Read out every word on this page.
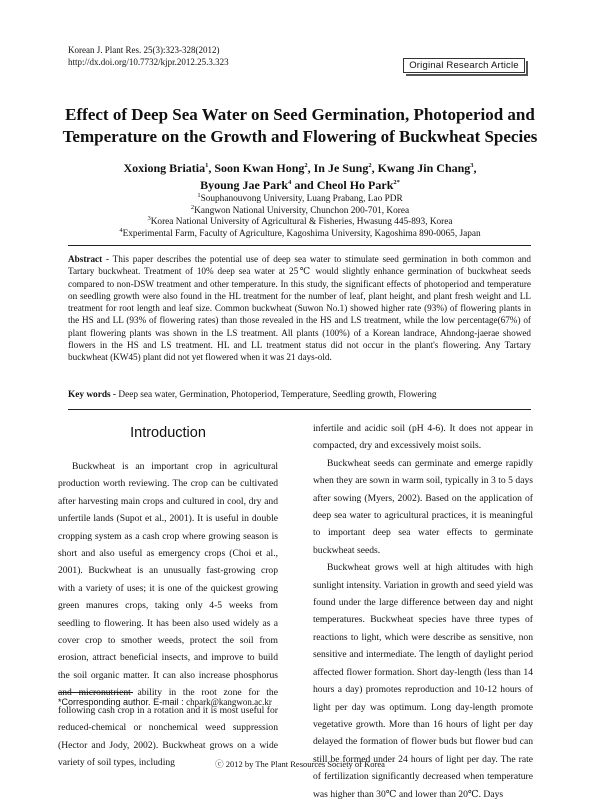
Korean J. Plant Res. 25(3):323-328(2012)
http://dx.doi.org/10.7732/kjpr.2012.25.3.323	Original Research Article
Effect of Deep Sea Water on Seed Germination, Photoperiod and
Temperature on the Growth and Flowering of Buckwheat Species
Xoxiong Briatia$^1$, Soon Kwan Hong$^2$, In Je Sung$^2$, Kwang Jin Chang$^3$,
Byoung Jae Park$^4$ and Cheol Ho Park$^{2*}$
$^1$Souphanouvong University, Luang Prabang, Lao PDR
$^2$Kangwon National University, Chunchon 200-701, Korea
$^3$Korea National University of Agricultural & Fisheries, Hwasung 445-893, Korea
$^4$Experimental Farm, Faculty of Agriculture, Kagoshima University, Kagoshima 890-0065, Japan
Abstract - This paper describes the potential use of deep sea water to stimulate seed germination in both common and Tartary buckwheat. Treatment of 10% deep sea water at 25℃ would slightly enhance germination of buckwheat seeds compared to non-DSW treatment and other temperature. In this study, the significant effects of photoperiod and temperature on seedling growth were also found in the HL treatment for the number of leaf, plant height, and plant fresh weight and LL treatment for root length and leaf size. Common buckwheat (Suwon No.1) showed higher rate (93%) of flowering plants in the HS and LL (93% of flowering rates) than those revealed in the HS and LS treatment, while the low percentage(67%) of plant flowering plants was shown in the LS treatment. All plants (100%) of a Korean landrace, Ahndong-jaerae showed flowers in the HS and LS treatment. HL and LL treatment status did not occur in the plant's flowering. Any Tartary buckwheat (KW45) plant did not yet flowered when it was 21 days-old.
Key words - Deep sea water, Germination, Photoperiod, Temperature, Seedling growth, Flowering
Introduction

Buckwheat is an important crop in agricultural production worth reviewing. The crop can be cultivated after harvesting main crops and cultured in cool, dry and unfertile lands (Supot et al., 2001). It is useful in double cropping system as a cash crop where growing season is short and also useful as emergency crops (Choi et al., 2001). Buckwheat is an unusually fast-growing crop with a variety of uses; it is one of the quickest growing green manures crops, taking only 4-5 weeks from seedling to flowering. It has been also used widely as a cover crop to smother weeds, protect the soil from erosion, attract beneficial insects, and improve to build the soil organic matter. It can also increase phosphorus and micronutrient ability in the root zone for the following cash crop in a rotation and it is most useful for reduced-chemical or nonchemical weed suppression (Hector and Jody, 2002). Buckwheat grows on a wide variety of soil types, including

infertile and acidic soil (pH 4-6). It does not appear in compacted, dry and excessively moist soils.

Buckwheat seeds can germinate and emerge rapidly when they are sown in warm soil, typically in 3 to 5 days after sowing (Myers, 2002). Based on the application of deep sea water to agricultural practices, it is meaningful to important deep sea water effects to germinate buckwheat seeds.

Buckwheat grows well at high altitudes with high sunlight intensity. Variation in growth and seed yield was found under the large difference between day and night temperatures. Buckwheat species have three types of reactions to light, which were describe as sensitive, non sensitive and intermediate. The length of daylight period affected flower formation. Short day-length (less than 14 hours a day) promotes reproduction and 10-12 hours of light per day was optimum. Long day-length promote vegetative growth. More than 16 hours of light per day delayed the formation of flower buds but flower bud can still be formed under 24 hours of light per day. The rate of fertilization significantly decreased when temperature was higher than 30℃ and lower than 20℃. Days

*Corresponding author. E-mail : chpark@kangwon.ac.kr
ⓒ 2012 by The Plant Resources Society of Korea
